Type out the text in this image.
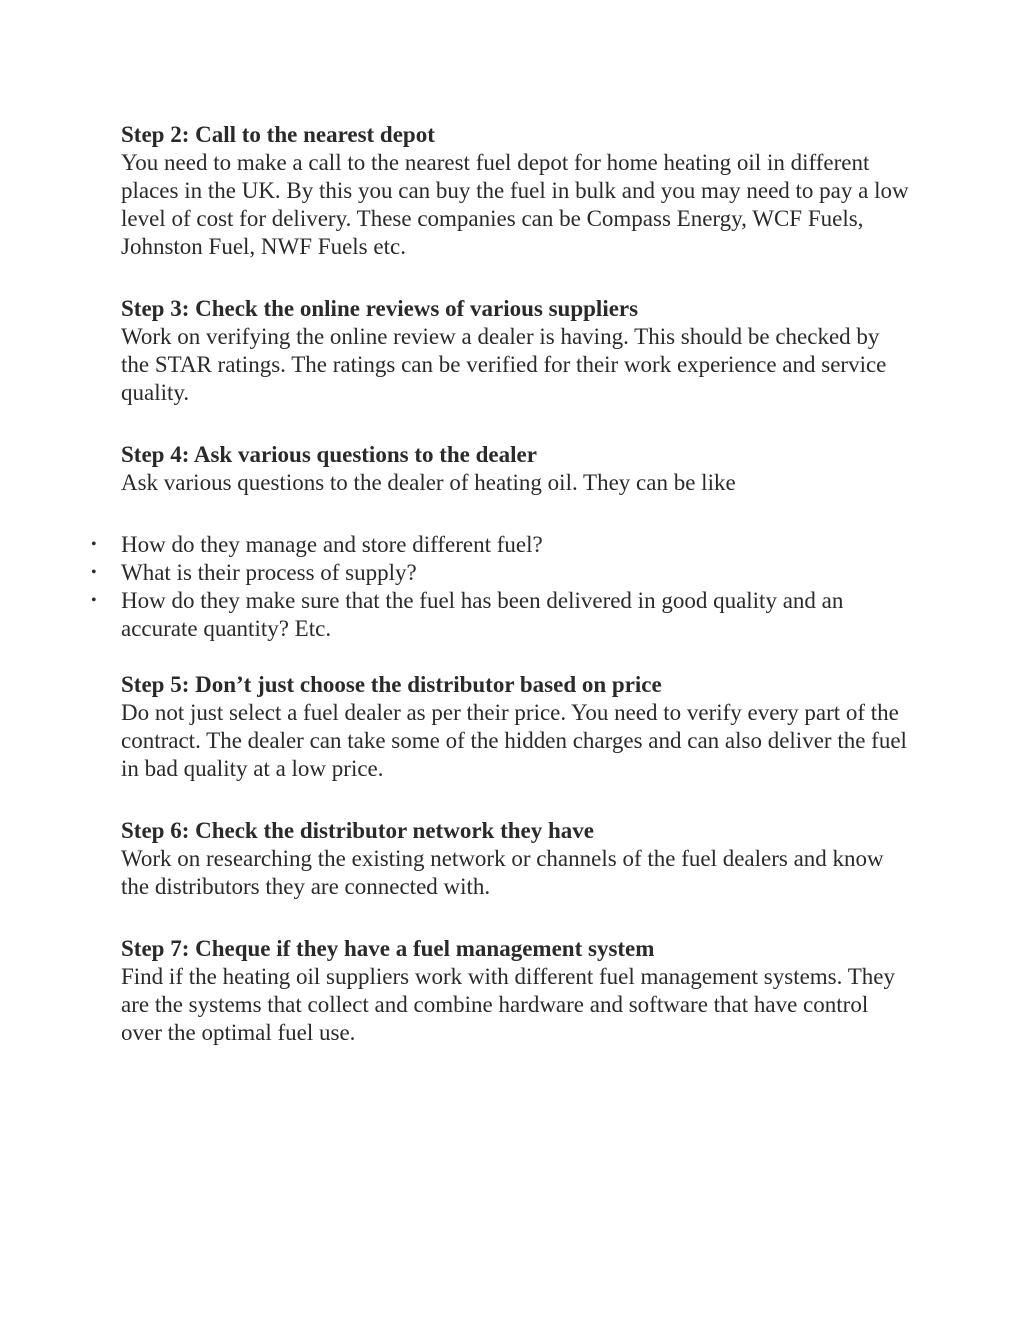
Step 2: Call to the nearest depot
You need to make a call to the nearest fuel depot for home heating oil in different places in the UK. By this you can buy the fuel in bulk and you may need to pay a low level of cost for delivery. These companies can be Compass Energy, WCF Fuels, Johnston Fuel, NWF Fuels etc.
Step 3: Check the online reviews of various suppliers
Work on verifying the online review a dealer is having. This should be checked by the STAR ratings. The ratings can be verified for their work experience and service quality.
Step 4: Ask various questions to the dealer
Ask various questions to the dealer of heating oil. They can be like
• How do they manage and store different fuel?
• What is their process of supply?
• How do they make sure that the fuel has been delivered in good quality and an accurate quantity? Etc.
Step 5: Don’t just choose the distributor based on price
Do not just select a fuel dealer as per their price. You need to verify every part of the contract. The dealer can take some of the hidden charges and can also deliver the fuel in bad quality at a low price.
Step 6: Check the distributor network they have
Work on researching the existing network or channels of the fuel dealers and know the distributors they are connected with.
Step 7: Cheque if they have a fuel management system
Find if the heating oil suppliers work with different fuel management systems. They are the systems that collect and combine hardware and software that have control over the optimal fuel use.
